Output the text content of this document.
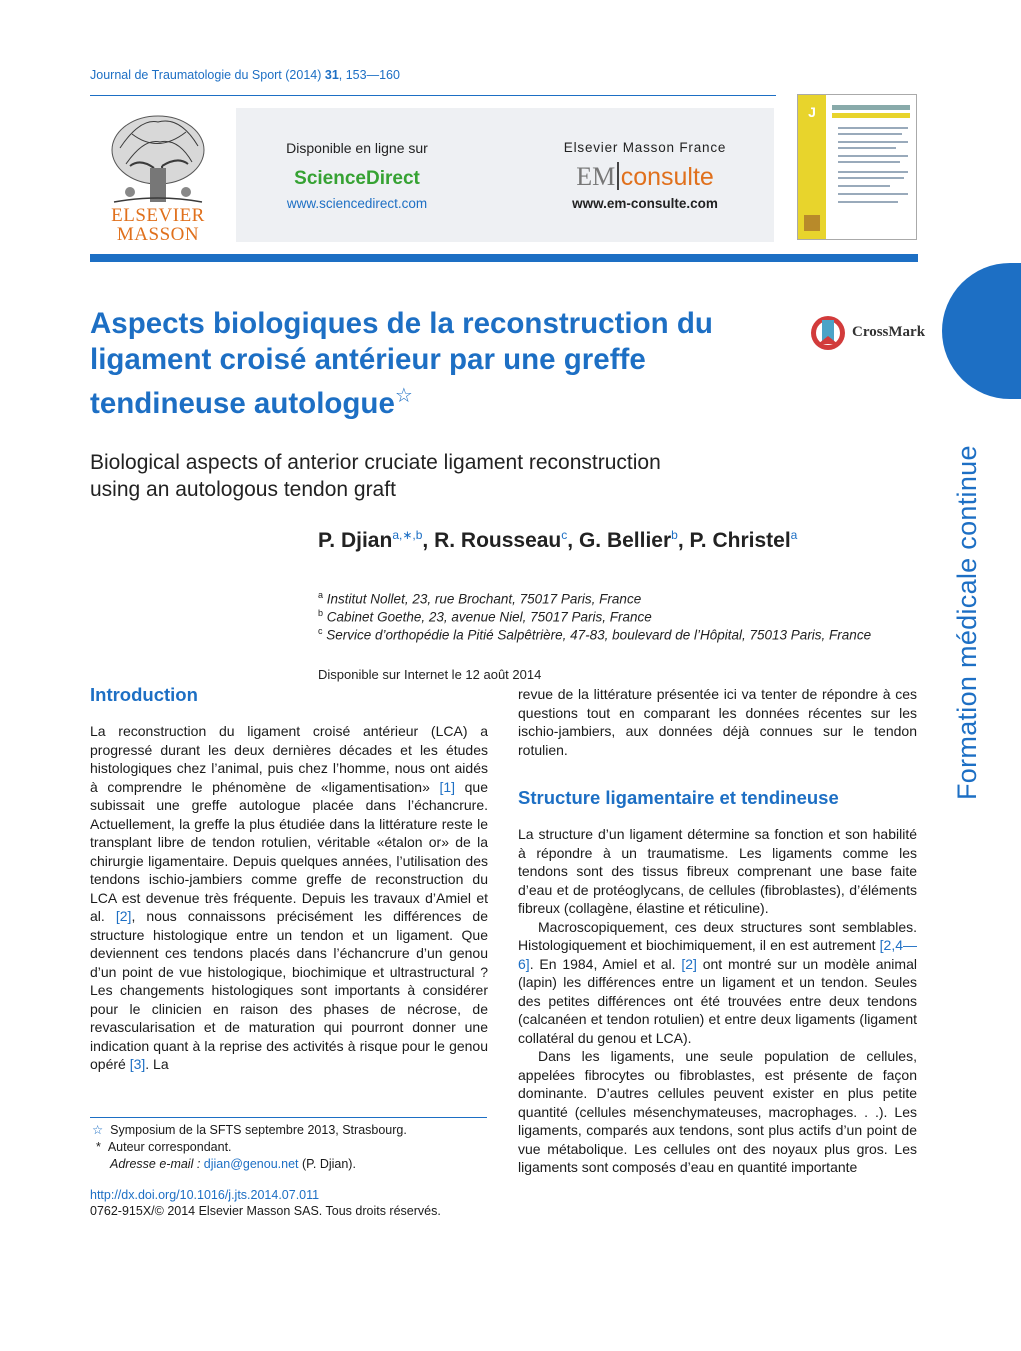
Journal de Traumatologie du Sport (2014) 31, 153—160
ELSEVIER MASSON
Disponible en ligne sur
ScienceDirect
www.sciencedirect.com
Elsevier Masson France
EM consulte
www.em-consulte.com
J
Formation médicale continue
Aspects biologiques de la reconstruction du ligament croisé antérieur par une greffe tendineuse autologue☆
CrossMark
Biological aspects of anterior cruciate ligament reconstruction
using an autologous tendon graft
P. Djian$^{a,∗,b}$, R. Rousseau$^c$, G. Bellier$^b$, P. Christel$^a$
$^a$ Institut Nollet, 23, rue Brochant, 75017 Paris, France
$^b$ Cabinet Goethe, 23, avenue Niel, 75017 Paris, France
$^c$ Service d’orthopédie la Pitié Salpêtrière, 47-83, boulevard de l’Hôpital, 75013 Paris, France
Disponible sur Internet le 12 août 2014
Introduction

La reconstruction du ligament croisé antérieur (LCA) a progressé durant les deux dernières décades et les études histologiques chez l’animal, puis chez l’homme, nous ont aidés à comprendre le phénomène de «ligamentisation» [1] que subissait une greffe autologue placée dans l’échancrure. Actuellement, la greffe la plus étudiée dans la littérature reste le transplant libre de tendon rotulien, véritable «étalon or» de la chirurgie ligamentaire. Depuis quelques années, l’utilisation des tendons ischio-jambiers comme greffe de reconstruction du LCA est devenue très fréquente. Depuis les travaux d’Amiel et al. [2], nous connaissons précisément les différences de structure histologique entre un tendon et un ligament. Que deviennent ces tendons placés dans l’échancrure d’un genou d’un point de vue histologique, biochimique et ultrastructural ? Les changements histologiques sont importants à considérer pour le clinicien en raison des phases de nécrose, de revascularisation et de maturation qui pourront donner une indication quant à la reprise des activités à risque pour le genou opéré [3]. La

☆ Symposium de la SFTS septembre 2013, Strasbourg.
* Auteur correspondant.
Adresse e-mail : djian@genou.net (P. Djian).
http://dx.doi.org/10.1016/j.jts.2014.07.011
0762-915X/© 2014 Elsevier Masson SAS. Tous droits réservés.

revue de la littérature présentée ici va tenter de répondre à ces questions tout en comparant les données récentes sur les ischio-jambiers, aux données déjà connues sur le tendon rotulien.

Structure ligamentaire et tendineuse

La structure d’un ligament détermine sa fonction et son habilité à répondre à un traumatisme. Les ligaments comme les tendons sont des tissus fibreux comprenant une base faite d’eau et de protéoglycans, de cellules (fibroblastes), d’éléments fibreux (collagène, élastine et réticuline).

Macroscopiquement, ces deux structures sont semblables. Histologiquement et biochimiquement, il en est autrement [2,4—6]. En 1984, Amiel et al. [2] ont montré sur un modèle animal (lapin) les différences entre un ligament et un tendon. Seules des petites différences ont été trouvées entre deux tendons (calcanéen et tendon rotulien) et entre deux ligaments (ligament collatéral du genou et LCA).

Dans les ligaments, une seule population de cellules, appelées fibrocytes ou fibroblastes, est présente de façon dominante. D’autres cellules peuvent exister en plus petite quantité (cellules mésenchymateuses, macrophages. . .). Les ligaments, comparés aux tendons, sont plus actifs d’un point de vue métabolique. Les cellules ont des noyaux plus gros. Les ligaments sont composés d’eau en quantité importante
